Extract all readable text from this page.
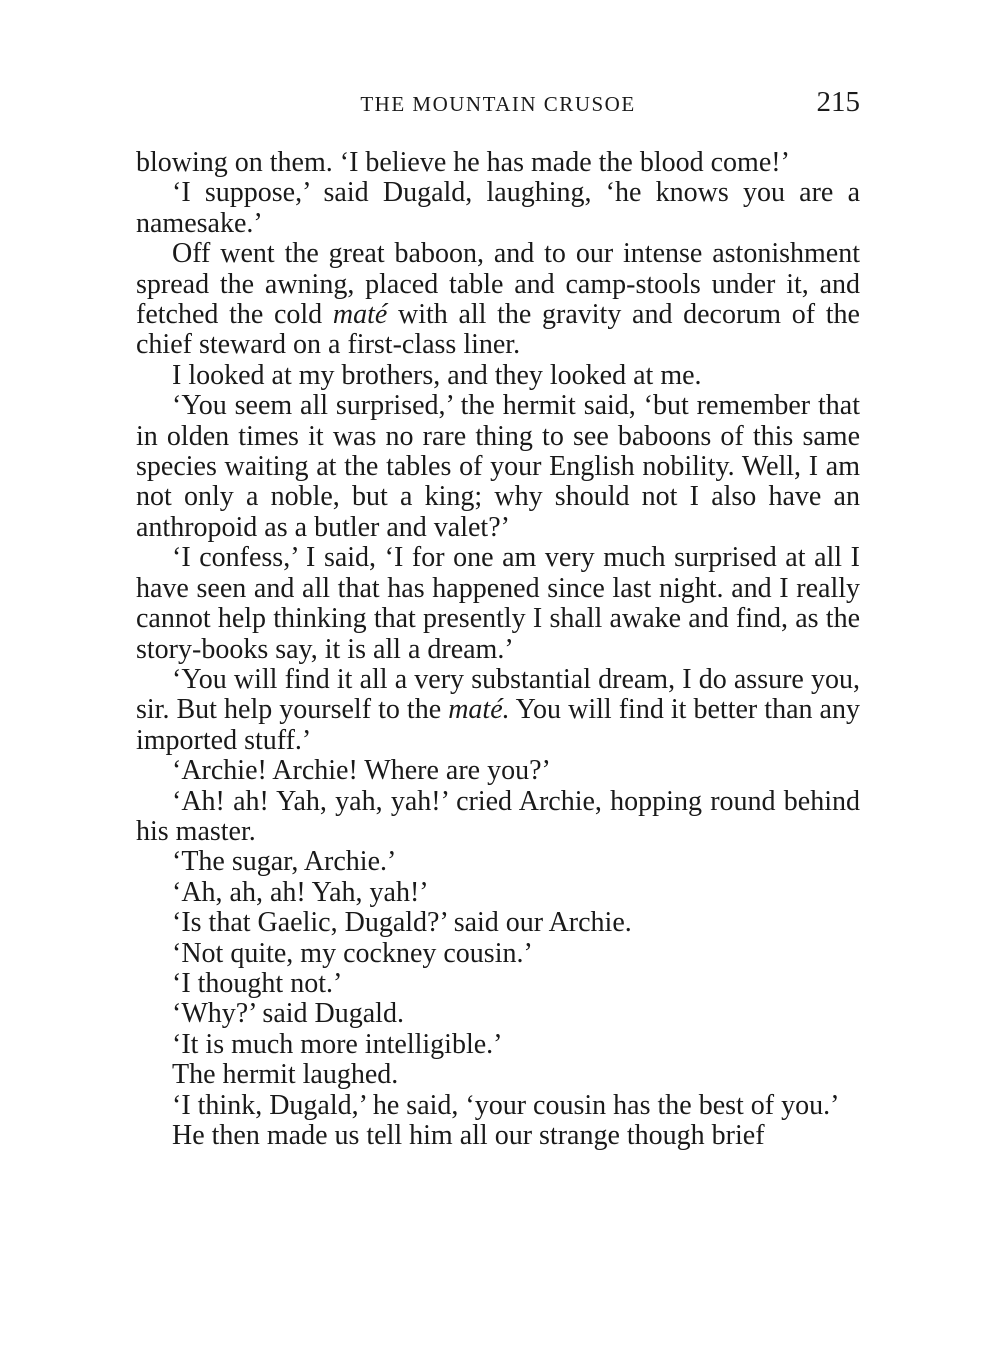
THE MOUNTAIN CRUSOE	215

blowing on them. ‘I believe he has made the blood come!’

‘I suppose,’ said Dugald, laughing, ‘he knows you are a namesake.’

Off went the great baboon, and to our intense astonishment spread the awning, placed table and camp-stools under it, and fetched the cold maté with all the gravity and decorum of the chief steward on a first-class liner.

I looked at my brothers, and they looked at me.

‘You seem all surprised,’ the hermit said, ‘but remember that in olden times it was no rare thing to see baboons of this same species waiting at the tables of your English nobility. Well, I am not only a noble, but a king; why should not I also have an anthropoid as a butler and valet?’

‘I confess,’ I said, ‘I for one am very much surprised at all I have seen and all that has happened since last night. and I really cannot help thinking that presently I shall awake and find, as the story-books say, it is all a dream.’

‘You will find it all a very substantial dream, I do assure you, sir. But help yourself to the maté. You will find it better than any imported stuff.’

‘Archie! Archie! Where are you?’

‘Ah! ah! Yah, yah, yah!’ cried Archie, hopping round behind his master.

‘The sugar, Archie.’

‘Ah, ah, ah! Yah, yah!’

‘Is that Gaelic, Dugald?’ said our Archie.

‘Not quite, my cockney cousin.’

‘I thought not.’

‘Why?’ said Dugald.

‘It is much more intelligible.’

The hermit laughed.

‘I think, Dugald,’ he said, ‘your cousin has the best of you.’

He then made us tell him all our strange though brief
